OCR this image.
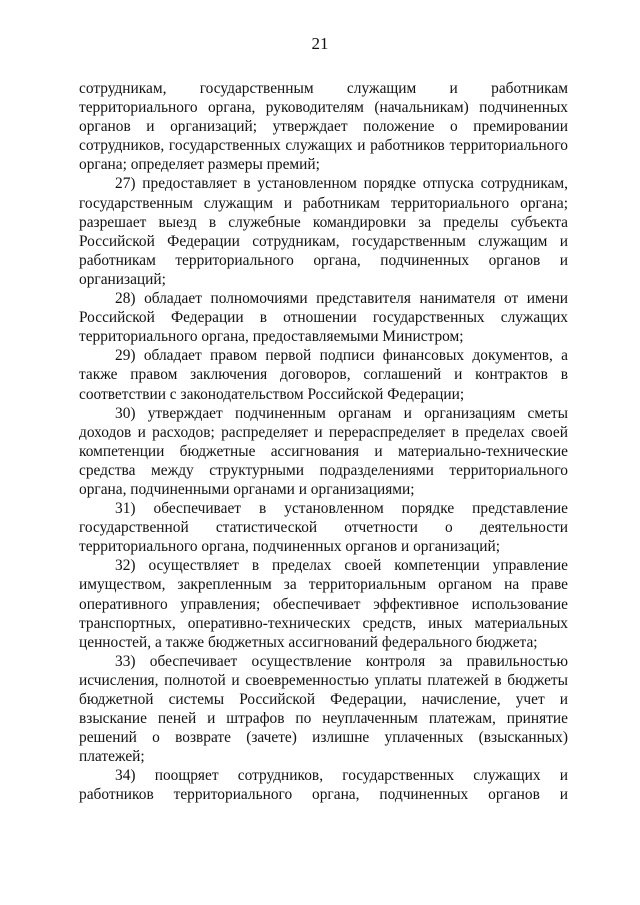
21

сотрудникам, государственным служащим и работникам территориального органа, руководителям (начальникам) подчиненных органов и организаций; утверждает положение о премировании сотрудников, государственных служащих и работников территориального органа; определяет размеры премий;

27) предоставляет в установленном порядке отпуска сотрудникам, государственным служащим и работникам территориального органа; разрешает выезд в служебные командировки за пределы субъекта Российской Федерации сотрудникам, государственным служащим и работникам территориального органа, подчиненных органов и организаций;

28) обладает полномочиями представителя нанимателя от имени Российской Федерации в отношении государственных служащих территориального органа, предоставляемыми Министром;

29) обладает правом первой подписи финансовых документов, а также правом заключения договоров, соглашений и контрактов в соответствии с законодательством Российской Федерации;

30) утверждает подчиненным органам и организациям сметы доходов и расходов; распределяет и перераспределяет в пределах своей компетенции бюджетные ассигнования и материально-технические средства между структурными подразделениями территориального органа, подчиненными органами и организациями;

31) обеспечивает в установленном порядке представление государственной статистической отчетности о деятельности территориального органа, подчиненных органов и организаций;

32) осуществляет в пределах своей компетенции управление имуществом, закрепленным за территориальным органом на праве оперативного управления; обеспечивает эффективное использование транспортных, оперативно-технических средств, иных материальных ценностей, а также бюджетных ассигнований федерального бюджета;

33) обеспечивает осуществление контроля за правильностью исчисления, полнотой и своевременностью уплаты платежей в бюджеты бюджетной системы Российской Федерации, начисление, учет и взыскание пеней и штрафов по неуплаченным платежам, принятие решений о возврате (зачете) излишне уплаченных (взысканных) платежей;

34) поощряет сотрудников, государственных служащих и работников территориального органа, подчиненных органов и
